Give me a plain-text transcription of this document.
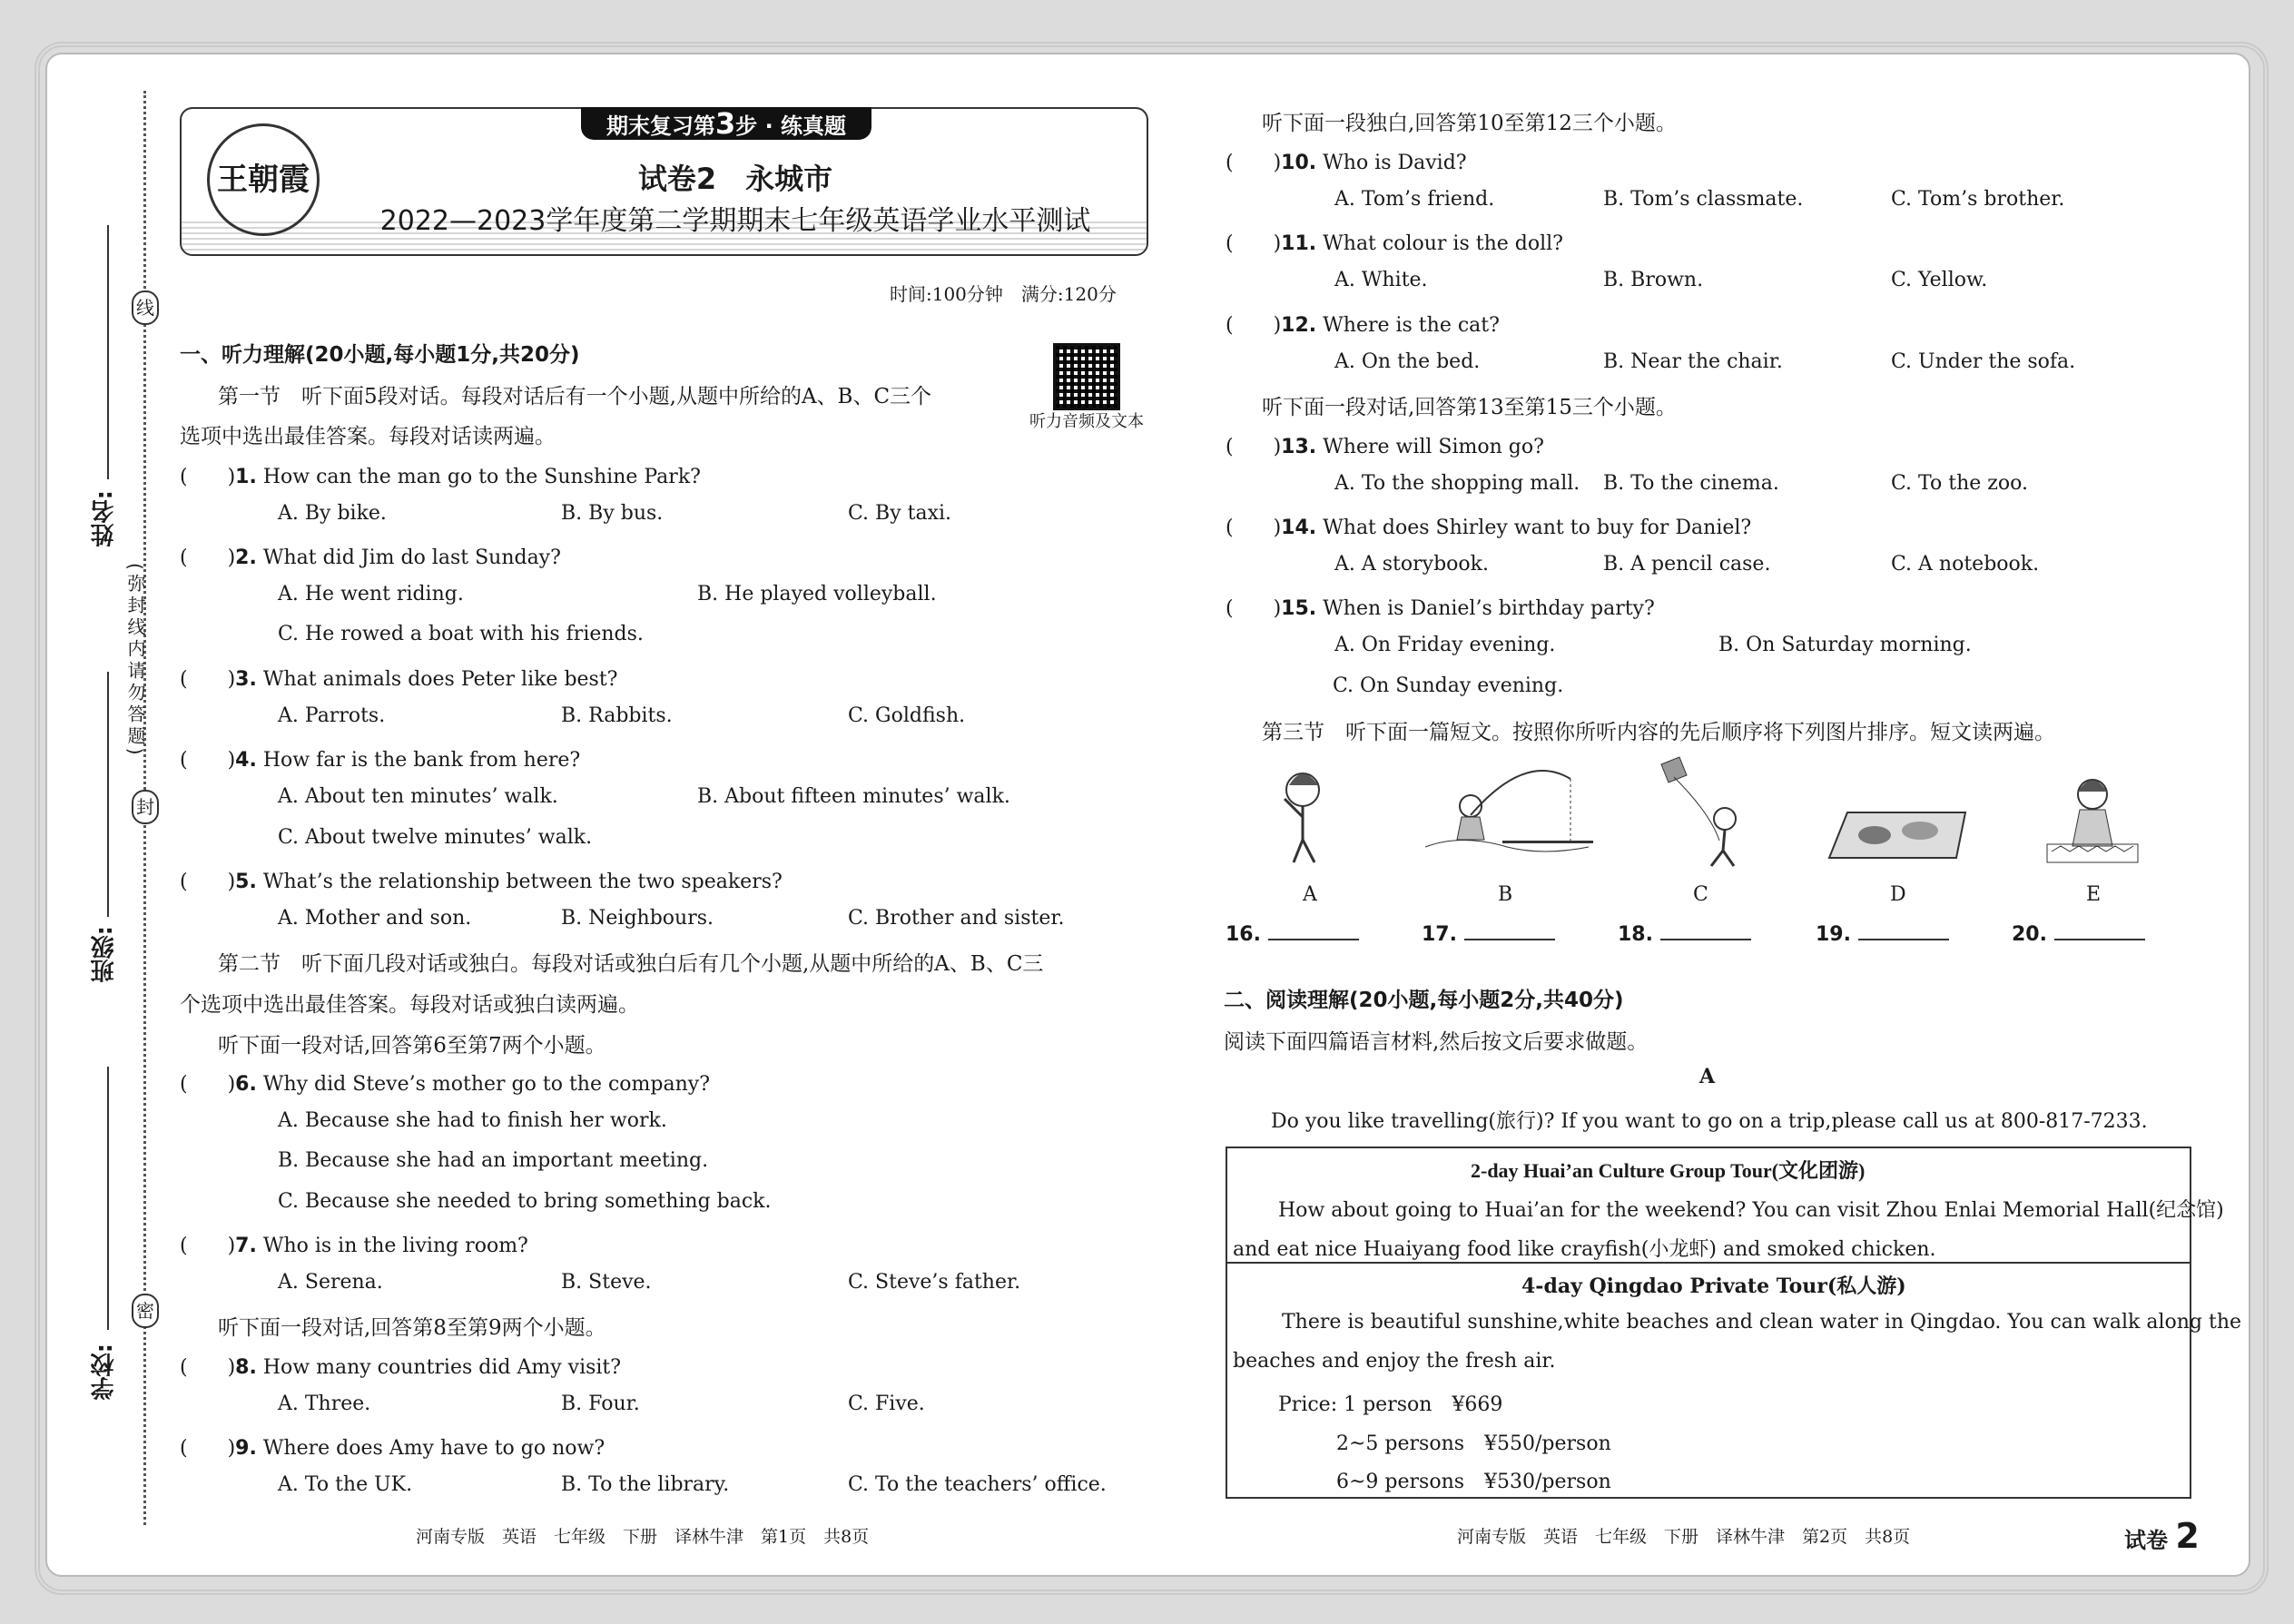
线
封
密
姓名:
班级:
学校:
(弥封线内请勿答题)
期末复习第3步 · 练真题
王朝霞	试卷2　永城市
2022—2023学年度第二学期期末七年级英语学业水平测试
时间:100分钟　满分:120分
一、听力理解(20小题,每小题1分,共20分)
听力音频及文本
第一节　听下面5段对话。每段对话后有一个小题,从题中所给的A、B、C三个
选项中选出最佳答案。每段对话读两遍。
(　　)1. How can the man go to the Sunshine Park?
A. By bike.	B. By bus.	C. By taxi.
(　　)2. What did Jim do last Sunday?
A. He went riding.	B. He played volleyball.
C. He rowed a boat with his friends.
(　　)3. What animals does Peter like best?
A. Parrots.	B. Rabbits.	C. Goldfish.
(　　)4. How far is the bank from here?
A. About ten minutes’ walk.	B. About fifteen minutes’ walk.
C. About twelve minutes’ walk.
(　　)5. What’s the relationship between the two speakers?
A. Mother and son.	B. Neighbours.	C. Brother and sister.
第二节　听下面几段对话或独白。每段对话或独白后有几个小题,从题中所给的A、B、C三
个选项中选出最佳答案。每段对话或独白读两遍。
听下面一段对话,回答第6至第7两个小题。
(　　)6. Why did Steve’s mother go to the company?
A. Because she had to finish her work.
B. Because she had an important meeting.
C. Because she needed to bring something back.
(　　)7. Who is in the living room?
A. Serena.	B. Steve.	C. Steve’s father.
听下面一段对话,回答第8至第9两个小题。
(　　)8. How many countries did Amy visit?
A. Three.	B. Four.	C. Five.
(　　)9. Where does Amy have to go now?
A. To the UK.	B. To the library.	C. To the teachers’ office.
河南专版　英语　七年级　下册　译林牛津　第1页　共8页
听下面一段独白,回答第10至第12三个小题。
(　　)10. Who is David?
A. Tom’s friend.	B. Tom’s classmate.	C. Tom’s brother.
(　　)11. What colour is the doll?
A. White.	B. Brown.	C. Yellow.
(　　)12. Where is the cat?
A. On the bed.	B. Near the chair.	C. Under the sofa.
听下面一段对话,回答第13至第15三个小题。
(　　)13. Where will Simon go?
A. To the shopping mall. B. To the cinema.	C. To the zoo.
(　　)14. What does Shirley want to buy for Daniel?
A. A storybook.	B. A pencil case.	C. A notebook.
(　　)15. When is Daniel’s birthday party?
A. On Friday evening.	B. On Saturday morning.
C. On Sunday evening.
第三节　听下面一篇短文。按照你所听内容的先后顺序将下列图片排序。短文读两遍。
A	B	C	D	E
16.	17.	18.	19.	20.
二、阅读理解(20小题,每小题2分,共40分)
阅读下面四篇语言材料,然后按文后要求做题。
A
Do you like travelling(旅行)? If you want to go on a trip,please call us at 800-817-7233.
2-day Huai’an Culture Group Tour(文化团游)
How about going to Huai’an for the weekend? You can visit Zhou Enlai Memorial Hall(纪念馆)
and eat nice Huaiyang food like crayfish(小龙虾) and smoked chicken.
4-day Qingdao Private Tour(私人游)
There is beautiful sunshine,white beaches and clean water in Qingdao. You can walk along the
beaches and enjoy the fresh air.
Price: 1 person　¥669
2~5 persons　¥550/person
6~9 persons　¥530/person
河南专版　英语　七年级　下册　译林牛津　第2页　共8页	试卷 2
